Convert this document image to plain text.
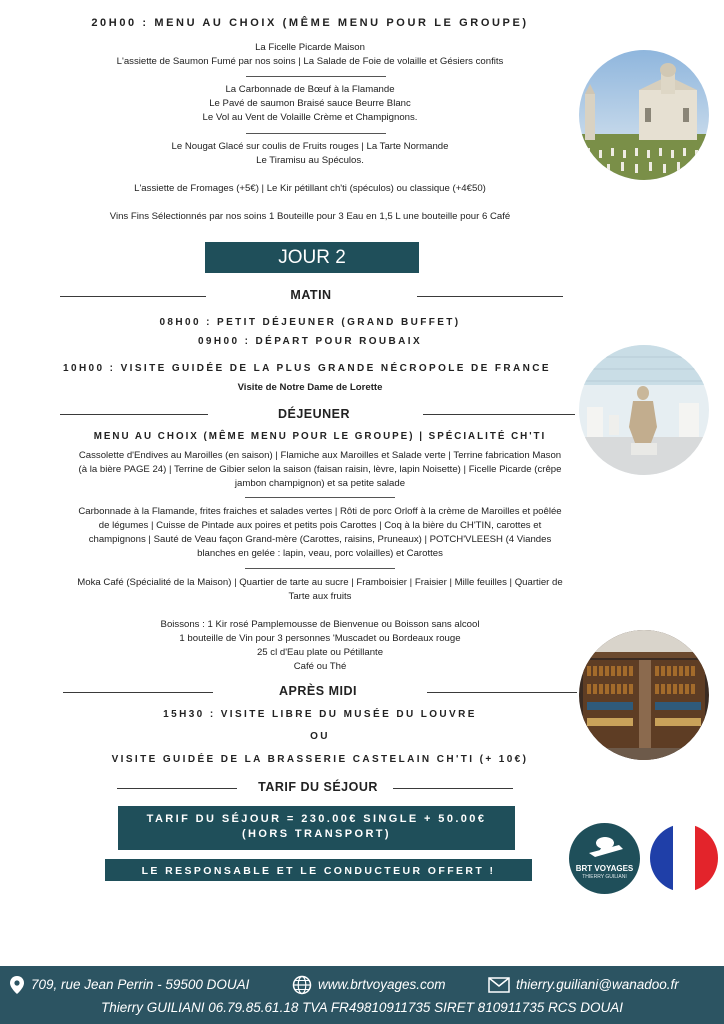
20H00 : MENU AU CHOIX (MÊME MENU POUR LE GROUPE)
La Ficelle Picarde Maison
L'assiette de Saumon Fumé par nos soins | La Salade de Foie de volaille et Gésiers confits
La Carbonnade de Bœuf à la Flamande
Le Pavé de saumon Braisé sauce Beurre Blanc
Le Vol au Vent de Volaille Crème et Champignons.
Le Nougat Glacé sur coulis de Fruits rouges | La Tarte Normande
Le Tiramisu au Spéculos.
L'assiette de Fromages (+5€) | Le Kir pétillant ch'ti (spéculos) ou classique (+4€50)
Vins Fins Sélectionnés par nos soins 1 Bouteille pour 3 Eau en 1,5 L une bouteille pour 6 Café
JOUR 2
MATIN
08H00 : PETIT DÉJEUNER (GRAND BUFFET)
09H00 : DÉPART POUR ROUBAIX
10H00 : VISITE GUIDÉE DE LA PLUS GRANDE NÉCROPOLE DE FRANCE
Visite de Notre Dame de Lorette
DÉJEUNER
MENU AU CHOIX (MÊME MENU POUR LE GROUPE) | SPÉCIALITÉ CH'TI
Cassolette d'Endives au Maroilles (en saison) | Flamiche aux Maroilles et Salade verte | Terrine fabrication Mason
(à la bière PAGE 24) | Terrine de Gibier selon la saison (faisan raisin, lèvre, lapin Noisette) | Ficelle Picarde (crêpe
jambon champignon) et sa petite salade
Carbonnade à la Flamande, frites fraiches et salades vertes | Rôti de porc Orloff à la crème de Maroilles et poêlée
de légumes | Cuisse de Pintade aux poires et petits pois Carottes | Coq à la bière du CH'TIN, carottes et
champignons | Sauté de Veau façon Grand-mère (Carottes, raisins, Pruneaux) | POTCH'VLEESH (4 Viandes
blanches en gelée : lapin, veau, porc volailles) et Carottes
Moka Café (Spécialité de la Maison) | Quartier de tarte au sucre | Framboisier | Fraisier | Mille feuilles | Quartier de
Tarte aux fruits
Boissons : 1 Kir rosé Pamplemousse de Bienvenue ou Boisson sans alcool
1 bouteille de Vin pour 3 personnes 'Muscadet ou Bordeaux rouge
25 cl d'Eau plate ou Pétillante
Café ou Thé
APRÈS MIDI
15H30 : VISITE LIBRE DU MUSÉE DU LOUVRE
OU
VISITE GUIDÉE DE LA BRASSERIE CASTELAIN CH'TI (+ 10€)
TARIF DU SÉJOUR
TARIF DU SÉJOUR = 230.00€ SINGLE + 50.00€
(HORS TRANSPORT)
LE RESPONSABLE ET LE CONDUCTEUR OFFERT !	BRT VOYAGES
THIERRY GUILIANI
709, rue Jean Perrin - 59500 DOUAI	www.brtvoyages.com	thierry.guiliani@wanadoo.fr
Thierry GUILIANI 06.79.85.61.18 TVA FR49810911735 SIRET 810911735 RCS DOUAI
